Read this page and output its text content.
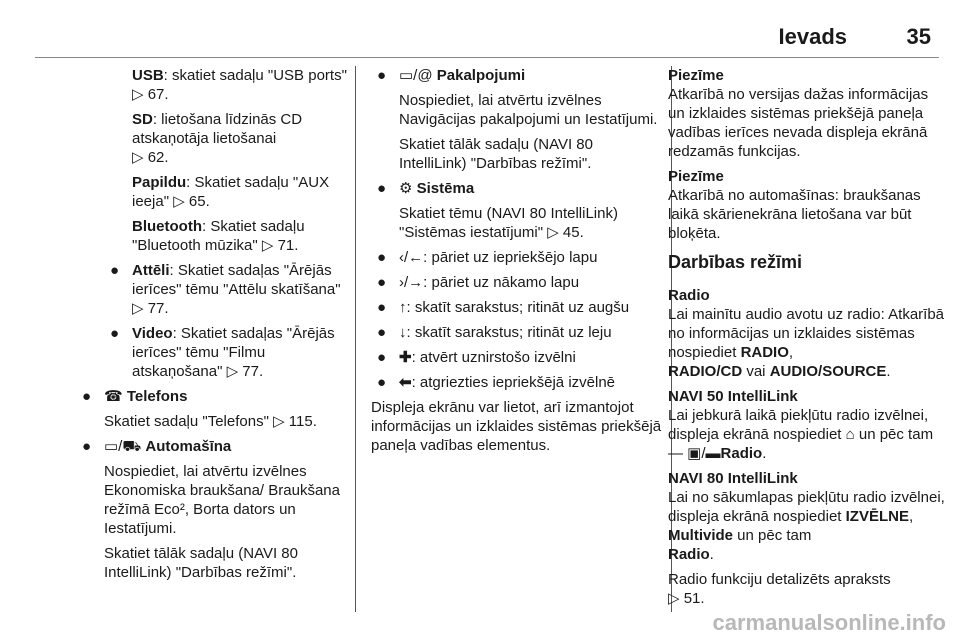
Ievads	35

USB: skatiet sadaļu "USB ports" ▷ 67.

SD: lietošana līdzinās CD atskaņotāja lietošanai
▷ 62.

Papildu: Skatiet sadaļu "AUX ieeja" ▷ 65.

Bluetooth: Skatiet sadaļu "Bluetooth mūzika" ▷ 71.

● Attēli: Skatiet sadaļas "Ārējās ierīces" tēmu "Attēlu skatīšana" ▷ 77.
● Video: Skatiet sadaļas "Ārējās ierīces" tēmu "Filmu atskaņošana" ▷ 77.
● ☎ Telefons

Skatiet sadaļu "Telefons" ▷ 115.

● ▭/⛟ Automašīna

Nospiediet, lai atvērtu izvēlnes Ekonomiska braukšana/ Braukšana režīmā Eco², Borta dators un Iestatījumi.

Skatiet tālāk sadaļu (NAVI 80 IntelliLink) "Darbības režīmi".

● ▭/@ Pakalpojumi

Nospiediet, lai atvērtu izvēlnes Navigācijas pakalpojumi un Iestatījumi.

Skatiet tālāk sadaļu (NAVI 80 IntelliLink) "Darbības režīmi".

● ⚙ Sistēma

Skatiet tēmu (NAVI 80 IntelliLink) "Sistēmas iestatījumi" ▷ 45.

● ‹/←: pāriet uz iepriekšējo lapu
● ›/→: pāriet uz nākamo lapu
● ↑: skatīt sarakstus; ritināt uz augšu
● ↓: skatīt sarakstus; ritināt uz leju
● ✚: atvērt uznirstošo izvēlni
● ⬅: atgriezties iepriekšējā izvēlnē

Displeja ekrānu var lietot, arī izmantojot informācijas un izklaides sistēmas priekšējā paneļa vadības elementus.

Piezīme

Atkarībā no versijas dažas informācijas un izklaides sistēmas priekšējā paneļa vadības ierīces nevada displeja ekrānā redzamās funkcijas.

Piezīme

Atkarībā no automašīnas: braukšanas laikā skārienekrāna lietošana var būt bloķēta.

Darbības režīmi

Radio

Lai mainītu audio avotu uz radio: Atkarībā no informācijas un izklaides sistēmas nospiediet RADIO,
RADIO/CD vai AUDIO/SOURCE.

NAVI 50 IntelliLink

Lai jebkurā laikā piekļūtu radio izvēlnei, displeja ekrānā nospiediet ⌂ un pēc tam — ▣/▬Radio.

NAVI 80 IntelliLink

Lai no sākumlapas piekļūtu radio izvēlnei, displeja ekrānā nospiediet IZVĒLNE, Multivide un pēc tam
Radio.

Radio funkciju detalizēts apraksts
▷ 51.

carmanualsonline.info
